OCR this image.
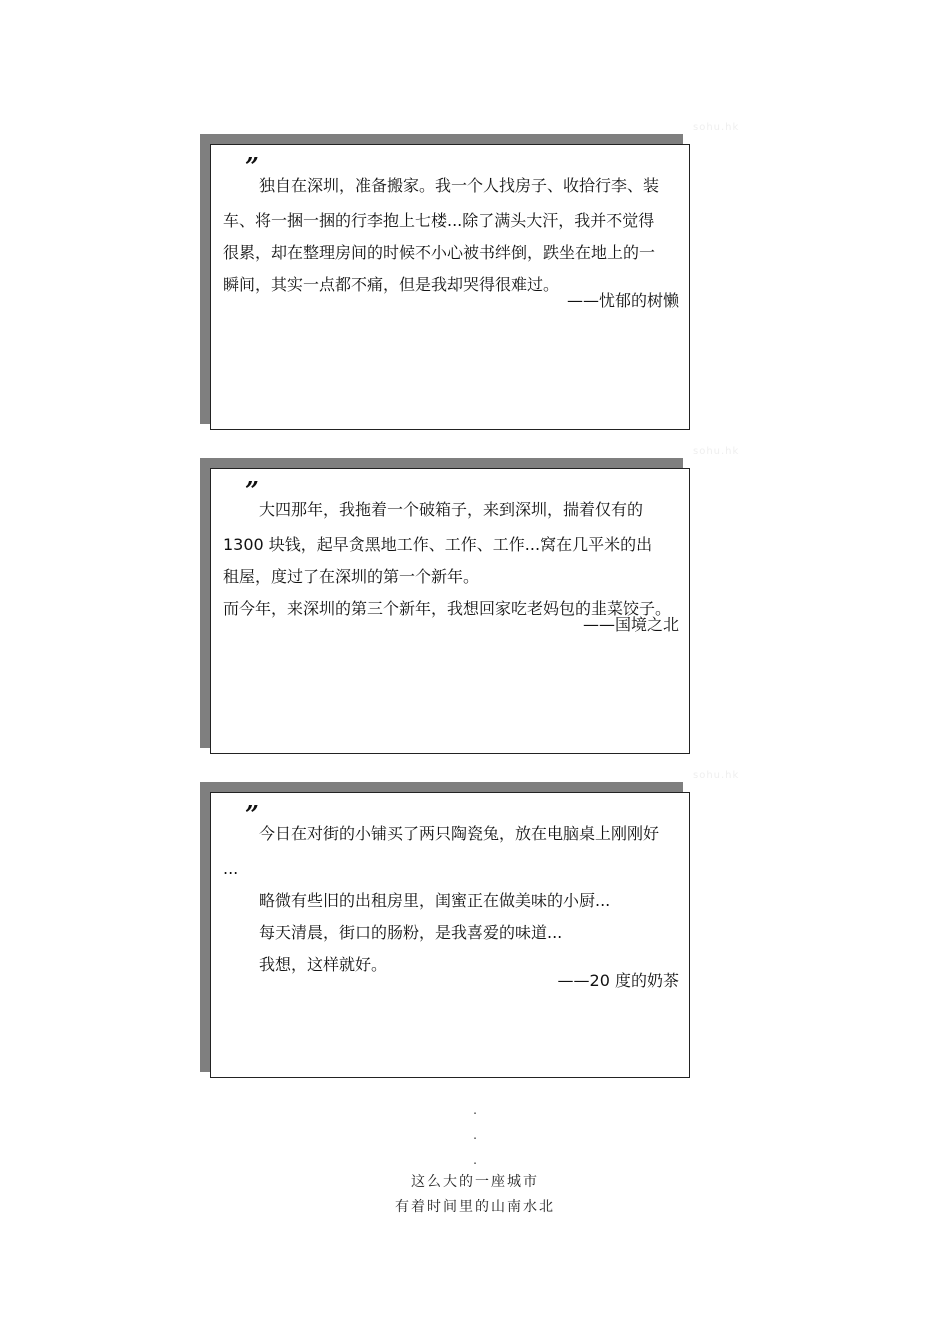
sohu.hk
”
独自在深圳，准备搬家。我一个人找房子、收拾行李、装
车、将一捆一捆的行李抱上七楼...除了满头大汗，我并不觉得
很累，却在整理房间的时候不小心被书绊倒，跌坐在地上的一
瞬间，其实一点都不痛，但是我却哭得很难过。
——忧郁的树懒
sohu.hk
”
大四那年，我拖着一个破箱子，来到深圳，揣着仅有的
1300 块钱，起早贪黑地工作、工作、工作...窝在几平米的出
租屋，度过了在深圳的第一个新年。
而今年，来深圳的第三个新年，我想回家吃老妈包的韭菜饺子。
——国境之北
sohu.hk
”
今日在对街的小铺买了两只陶瓷兔，放在电脑桌上刚刚好
...
略微有些旧的出租房里，闺蜜正在做美味的小厨...
每天清晨，街口的肠粉，是我喜爱的味道...
我想，这样就好。
——20 度的奶茶
.
.
.
这么大的一座城市
有着时间里的山南水北
